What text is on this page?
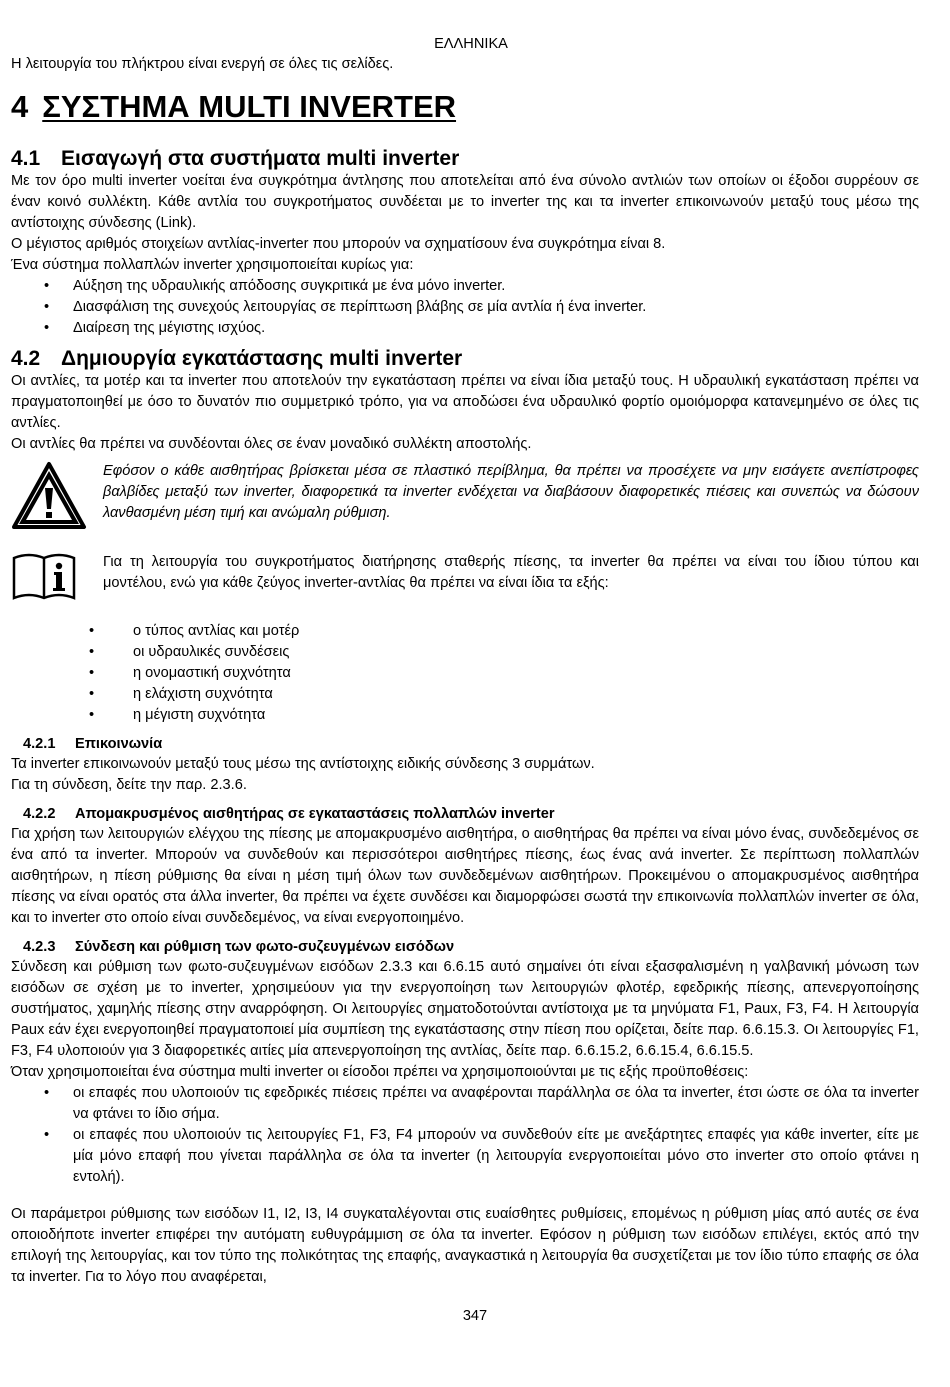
ΕΛΛΗΝΙΚΑ

Η λειτουργία του πλήκτρου είναι ενεργή σε όλες τις σελίδες.

4 ΣΥΣΤΗΜΑ MULTI INVERTER
4.1 Εισαγωγή στα συστήματα multi inverter

Με τον όρο multi inverter νοείται ένα συγκρότημα άντλησης που αποτελείται από ένα σύνολο αντλιών των οποίων οι έξοδοι συρρέουν σε έναν κοινό συλλέκτη. Κάθε αντλία του συγκροτήματος συνδέεται με το inverter της και τα inverter επικοινωνούν μεταξύ τους μέσω της αντίστοιχης σύνδεσης (Link).

Ο μέγιστος αριθμός στοιχείων αντλίας-inverter που μπορούν να σχηματίσουν ένα συγκρότημα είναι 8.

Ένα σύστημα πολλαπλών inverter χρησιμοποιείται κυρίως για:

• Αύξηση της υδραυλικής απόδοσης συγκριτικά με ένα μόνο inverter.
• Διασφάλιση της συνεχούς λειτουργίας σε περίπτωση βλάβης σε μία αντλία ή ένα inverter.
• Διαίρεση της μέγιστης ισχύος.
4.2 Δημιουργία εγκατάστασης multi inverter

Οι αντλίες, τα μοτέρ και τα inverter που αποτελούν την εγκατάσταση πρέπει να είναι ίδια μεταξύ τους. Η υδραυλική εγκατάσταση πρέπει να πραγματοποιηθεί με όσο το δυνατόν πιο συμμετρικό τρόπο, για να αποδώσει ένα υδραυλικό φορτίο ομοιόμορφα κατανεμημένο σε όλες τις αντλίες.

Οι αντλίες θα πρέπει να συνδέονται όλες σε έναν μοναδικό συλλέκτη αποστολής.

Εφόσον ο κάθε αισθητήρας βρίσκεται μέσα σε πλαστικό περίβλημα, θα πρέπει να προσέχετε να μην εισάγετε ανεπίστροφες βαλβίδες μεταξύ των inverter, διαφορετικά τα inverter ενδέχεται να διαβάσουν διαφορετικές πιέσεις και συνεπώς να δώσουν λανθασμένη μέση τιμή και ανώμαλη ρύθμιση.

Για τη λειτουργία του συγκροτήματος διατήρησης σταθερής πίεσης, τα inverter θα πρέπει να είναι του ίδιου τύπου και μοντέλου, ενώ για κάθε ζεύγος inverter-αντλίας θα πρέπει να είναι ίδια τα εξής:

• ο τύπος αντλίας και μοτέρ
• οι υδραυλικές συνδέσεις
• η ονομαστική συχνότητα
• η ελάχιστη συχνότητα
• η μέγιστη συχνότητα
4.2.1 Επικοινωνία

Τα inverter επικοινωνούν μεταξύ τους μέσω της αντίστοιχης ειδικής σύνδεσης 3 συρμάτων.

Για τη σύνδεση, δείτε την παρ. 2.3.6.

4.2.2 Απομακρυσμένος αισθητήρας σε εγκαταστάσεις πολλαπλών inverter

Για χρήση των λειτουργιών ελέγχου της πίεσης με απομακρυσμένο αισθητήρα, ο αισθητήρας θα πρέπει να είναι μόνο ένας, συνδεδεμένος σε ένα από τα inverter. Μπορούν να συνδεθούν και περισσότεροι αισθητήρες πίεσης, έως ένας ανά inverter. Σε περίπτωση πολλαπλών αισθητήρων, η πίεση ρύθμισης θα είναι η μέση τιμή όλων των συνδεδεμένων αισθητήρων. Προκειμένου ο απομακρυσμένος αισθητήρα πίεσης να είναι ορατός στα άλλα inverter, θα πρέπει να έχετε συνδέσει και διαμορφώσει σωστά την επικοινωνία πολλαπλών inverter σε όλα, και το inverter στο οποίο είναι συνδεδεμένος, να είναι ενεργοποιημένο.

4.2.3 Σύνδεση και ρύθμιση των φωτο-συζευγμένων εισόδων

Σύνδεση και ρύθμιση των φωτο-συζευγμένων εισόδων 2.3.3 και 6.6.15 αυτό σημαίνει ότι είναι εξασφαλισμένη η γαλβανική μόνωση των εισόδων σε σχέση με το inverter, χρησιμεύουν για την ενεργοποίηση των λειτουργιών φλοτέρ, εφεδρικής πίεσης, απενεργοποίησης συστήματος, χαμηλής πίεσης στην αναρρόφηση. Οι λειτουργίες σηματοδοτούνται αντίστοιχα με τα μηνύματα F1, Paux, F3, F4. Η λειτουργία Paux εάν έχει ενεργοποιηθεί πραγματοποιεί μία συμπίεση της εγκατάστασης στην πίεση που ορίζεται, δείτε παρ. 6.6.15.3. Οι λειτουργίες F1, F3, F4 υλοποιούν για 3 διαφορετικές αιτίες μία απενεργοποίηση της αντλίας, δείτε παρ. 6.6.15.2, 6.6.15.4, 6.6.15.5.

Όταν χρησιμοποιείται ένα σύστημα multi inverter οι είσοδοι πρέπει να χρησιμοποιούνται με τις εξής προϋποθέσεις:

• οι επαφές που υλοποιούν τις εφεδρικές πιέσεις πρέπει να αναφέρονται παράλληλα σε όλα τα inverter, έτσι ώστε σε όλα τα inverter να φτάνει το ίδιο σήμα.
• οι επαφές που υλοποιούν τις λειτουργίες F1, F3, F4 μπορούν να συνδεθούν είτε με ανεξάρτητες επαφές για κάθε inverter, είτε με μία μόνο επαφή που γίνεται παράλληλα σε όλα τα inverter (η λειτουργία ενεργοποιείται μόνο στο inverter στο οποίο φτάνει η εντολή).

Οι παράμετροι ρύθμισης των εισόδων I1, I2, I3, I4 συγκαταλέγονται στις ευαίσθητες ρυθμίσεις, επομένως η ρύθμιση μίας από αυτές σε ένα οποιοδήποτε inverter επιφέρει την αυτόματη ευθυγράμμιση σε όλα τα inverter. Εφόσον η ρύθμιση των εισόδων επιλέγει, εκτός από την επιλογή της λειτουργίας, και τον τύπο της πολικότητας της επαφής, αναγκαστικά η λειτουργία θα συσχετίζεται με τον ίδιο τύπο επαφής σε όλα τα inverter. Για το λόγο που αναφέρεται,

347
